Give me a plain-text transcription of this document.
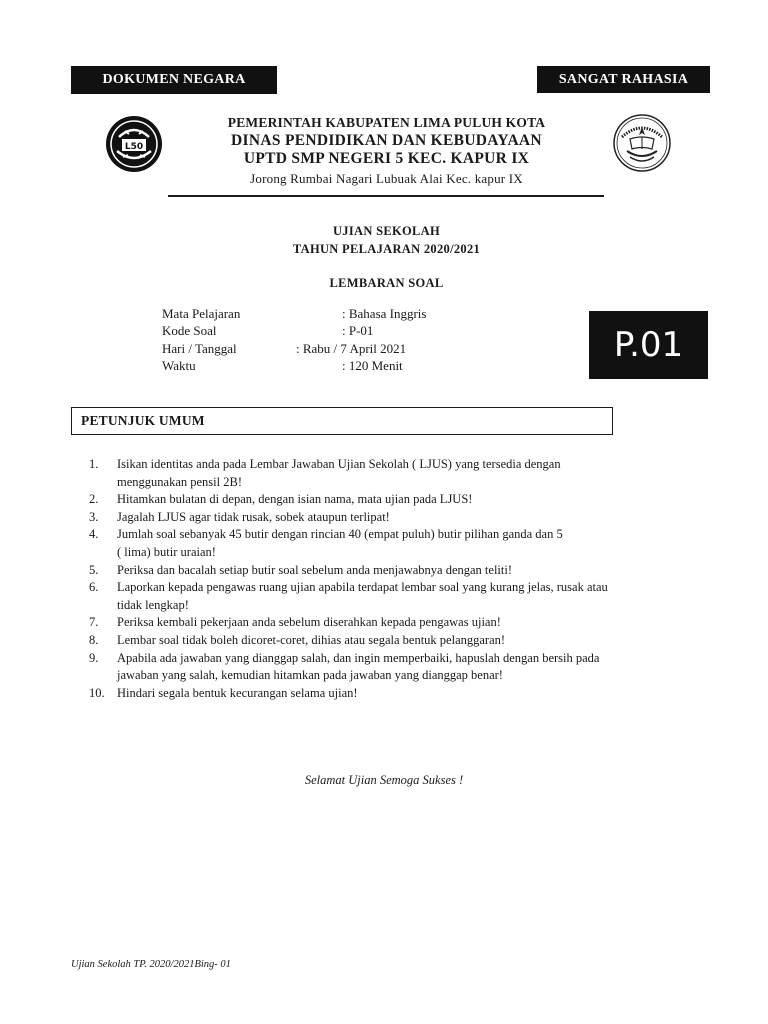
DOKUMEN NEGARA	SANGAT RAHASIA
L50
PEMERINTAH KABUPATEN LIMA PULUH KOTA
DINAS PENDIDIKAN DAN KEBUDAYAAN
UPTD SMP NEGERI 5 KEC. KAPUR IX
Jorong Rumbai Nagari Lubuak Alai Kec. kapur IX
UJIAN SEKOLAH
TAHUN PELAJARAN 2020/2021
LEMBARAN SOAL
Mata Pelajaran	: Bahasa Inggris
Kode Soal	: P-01
Hari / Tanggal	: Rabu / 7 April 2021
Waktu	: 120 Menit
P.01
PETUNJUK UMUM
1.	Isikan identitas anda pada Lembar Jawaban Ujian Sekolah ( LJUS) yang tersedia dengan
menggunakan pensil 2B!
2.	Hitamkan bulatan di depan, dengan isian nama, mata ujian pada LJUS!
3.	Jagalah LJUS agar tidak rusak, sobek ataupun terlipat!
4.	Jumlah soal sebanyak 45 butir dengan rincian 40 (empat puluh) butir pilihan ganda dan 5
( lima) butir uraian!
5.	Periksa dan bacalah setiap butir soal sebelum anda menjawabnya dengan teliti!
6.	Laporkan kepada pengawas ruang ujian apabila terdapat lembar soal yang kurang jelas, rusak atau
tidak lengkap!
7.	Periksa kembali pekerjaan anda sebelum diserahkan kepada pengawas ujian!
8.	Lembar soal tidak boleh dicoret-coret, dihias atau segala bentuk pelanggaran!
9.	Apabila ada jawaban yang dianggap salah, dan ingin memperbaiki, hapuslah dengan bersih pada
jawaban yang salah, kemudian hitamkan pada jawaban yang dianggap benar!
10. Hindari segala bentuk kecurangan selama ujian!
Selamat Ujian Semoga Sukses !
Ujian Sekolah TP. 2020/2021Bing- 01
